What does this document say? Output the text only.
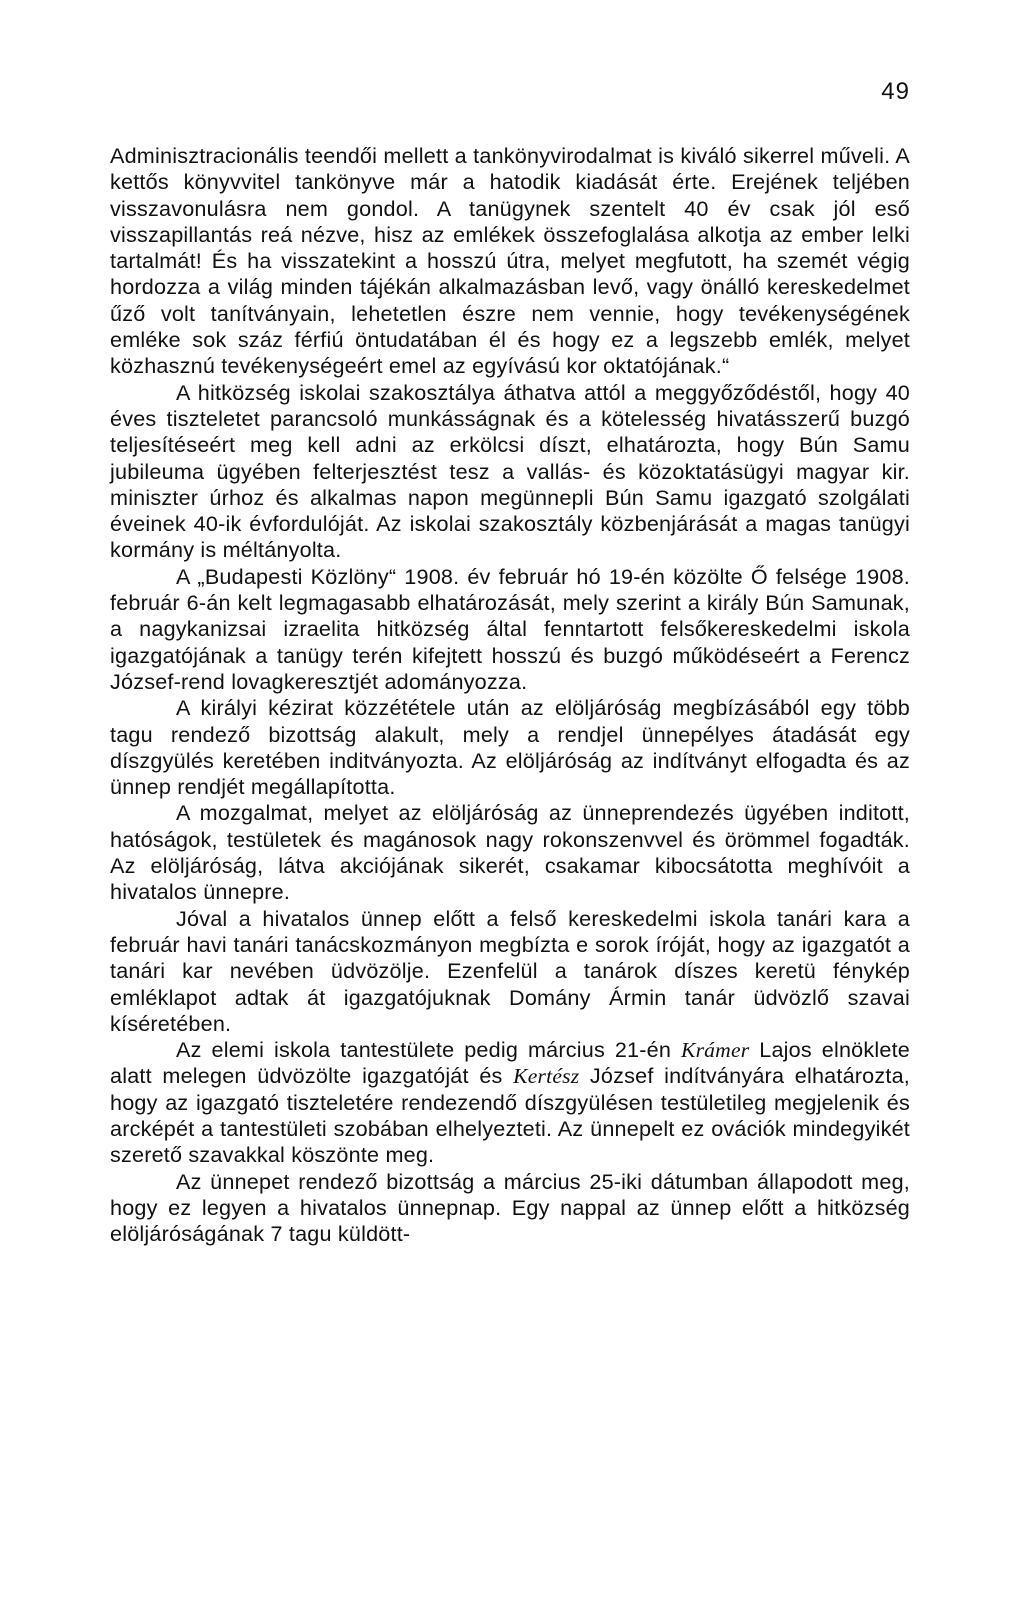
49

Adminisztracionális teendői mellett a tankönyvirodalmat is kiváló sikerrel műveli. A kettős könyvvitel tankönyve már a hatodik kiadását érte. Erejének teljében visszavonulásra nem gondol. A tanügynek szentelt 40 év csak jól eső visszapillantás reá nézve, hisz az emlékek összefoglalása alkotja az ember lelki tartalmát! És ha visszatekint a hosszú útra, melyet megfutott, ha szemét végig hordozza a világ minden tájékán alkalmazásban levő, vagy önálló kereskedelmet űző volt tanítványain, lehetetlen észre nem vennie, hogy tevékenységének emléke sok száz férfiú öntudatában él és hogy ez a legszebb emlék, melyet közhasznú tevékenységeért emel az egyívású kor oktatójának.“

A hitközség iskolai szakosztálya áthatva attól a meggyőződéstől, hogy 40 éves tiszteletet parancsoló munkásságnak és a kötelesség hivatásszerű buzgó teljesítéseért meg kell adni az erkölcsi díszt, elhatározta, hogy Bún Samu jubileuma ügyében felterjesztést tesz a vallás- és közoktatásügyi magyar kir. miniszter úrhoz és alkalmas napon megünnepli Bún Samu igazgató szolgálati éveinek 40-ik évfordulóját. Az iskolai szakosztály közbenjárását a magas tanügyi kormány is méltányolta.

A „Budapesti Közlöny“ 1908. év február hó 19-én közölte Ő felsége 1908. február 6-án kelt legmagasabb elhatározását, mely szerint a király Bún Samunak, a nagykanizsai izraelita hitközség által fenntartott felsőkereskedelmi iskola igazgatójának a tanügy terén kifejtett hosszú és buzgó működéseért a Ferencz József-rend lovagkeresztjét adományozza.

A királyi kézirat közzététele után az elöljáróság megbízásából egy több tagu rendező bizottság alakult, mely a rendjel ünnepélyes átadását egy díszgyülés keretében inditványozta. Az elöljáróság az indítványt elfogadta és az ünnep rendjét megállapította.

A mozgalmat, melyet az elöljáróság az ünneprendezés ügyében inditott, hatóságok, testületek és magánosok nagy rokonszenvvel és örömmel fogadták. Az elöljáróság, látva akciójának sikerét, csakamar kibocsátotta meghívóit a hivatalos ünnepre.

Jóval a hivatalos ünnep előtt a felső kereskedelmi iskola tanári kara a február havi tanári tanácskozmányon megbízta e sorok íróját, hogy az igazgatót a tanári kar nevében üdvözölje. Ezenfelül a tanárok díszes keretü fénykép emléklapot adtak át igazgatójuknak Domány Ármin tanár üdvözlő szavai kíséretében.

Az elemi iskola tantestülete pedig március 21-én Krámer Lajos elnöklete alatt melegen üdvözölte igazgatóját és Kertész József indítványára elhatározta, hogy az igazgató tiszteletére rendezendő díszgyülésen testületileg megjelenik és arcképét a tantestületi szobában elhelyezteti. Az ünnepelt ez ovációk mindegyikét szerető szavakkal köszönte meg.

Az ünnepet rendező bizottság a március 25-iki dátumban állapodott meg, hogy ez legyen a hivatalos ünnepnap. Egy nappal az ünnep előtt a hitközség elöljáróságának 7 tagu küldött-
